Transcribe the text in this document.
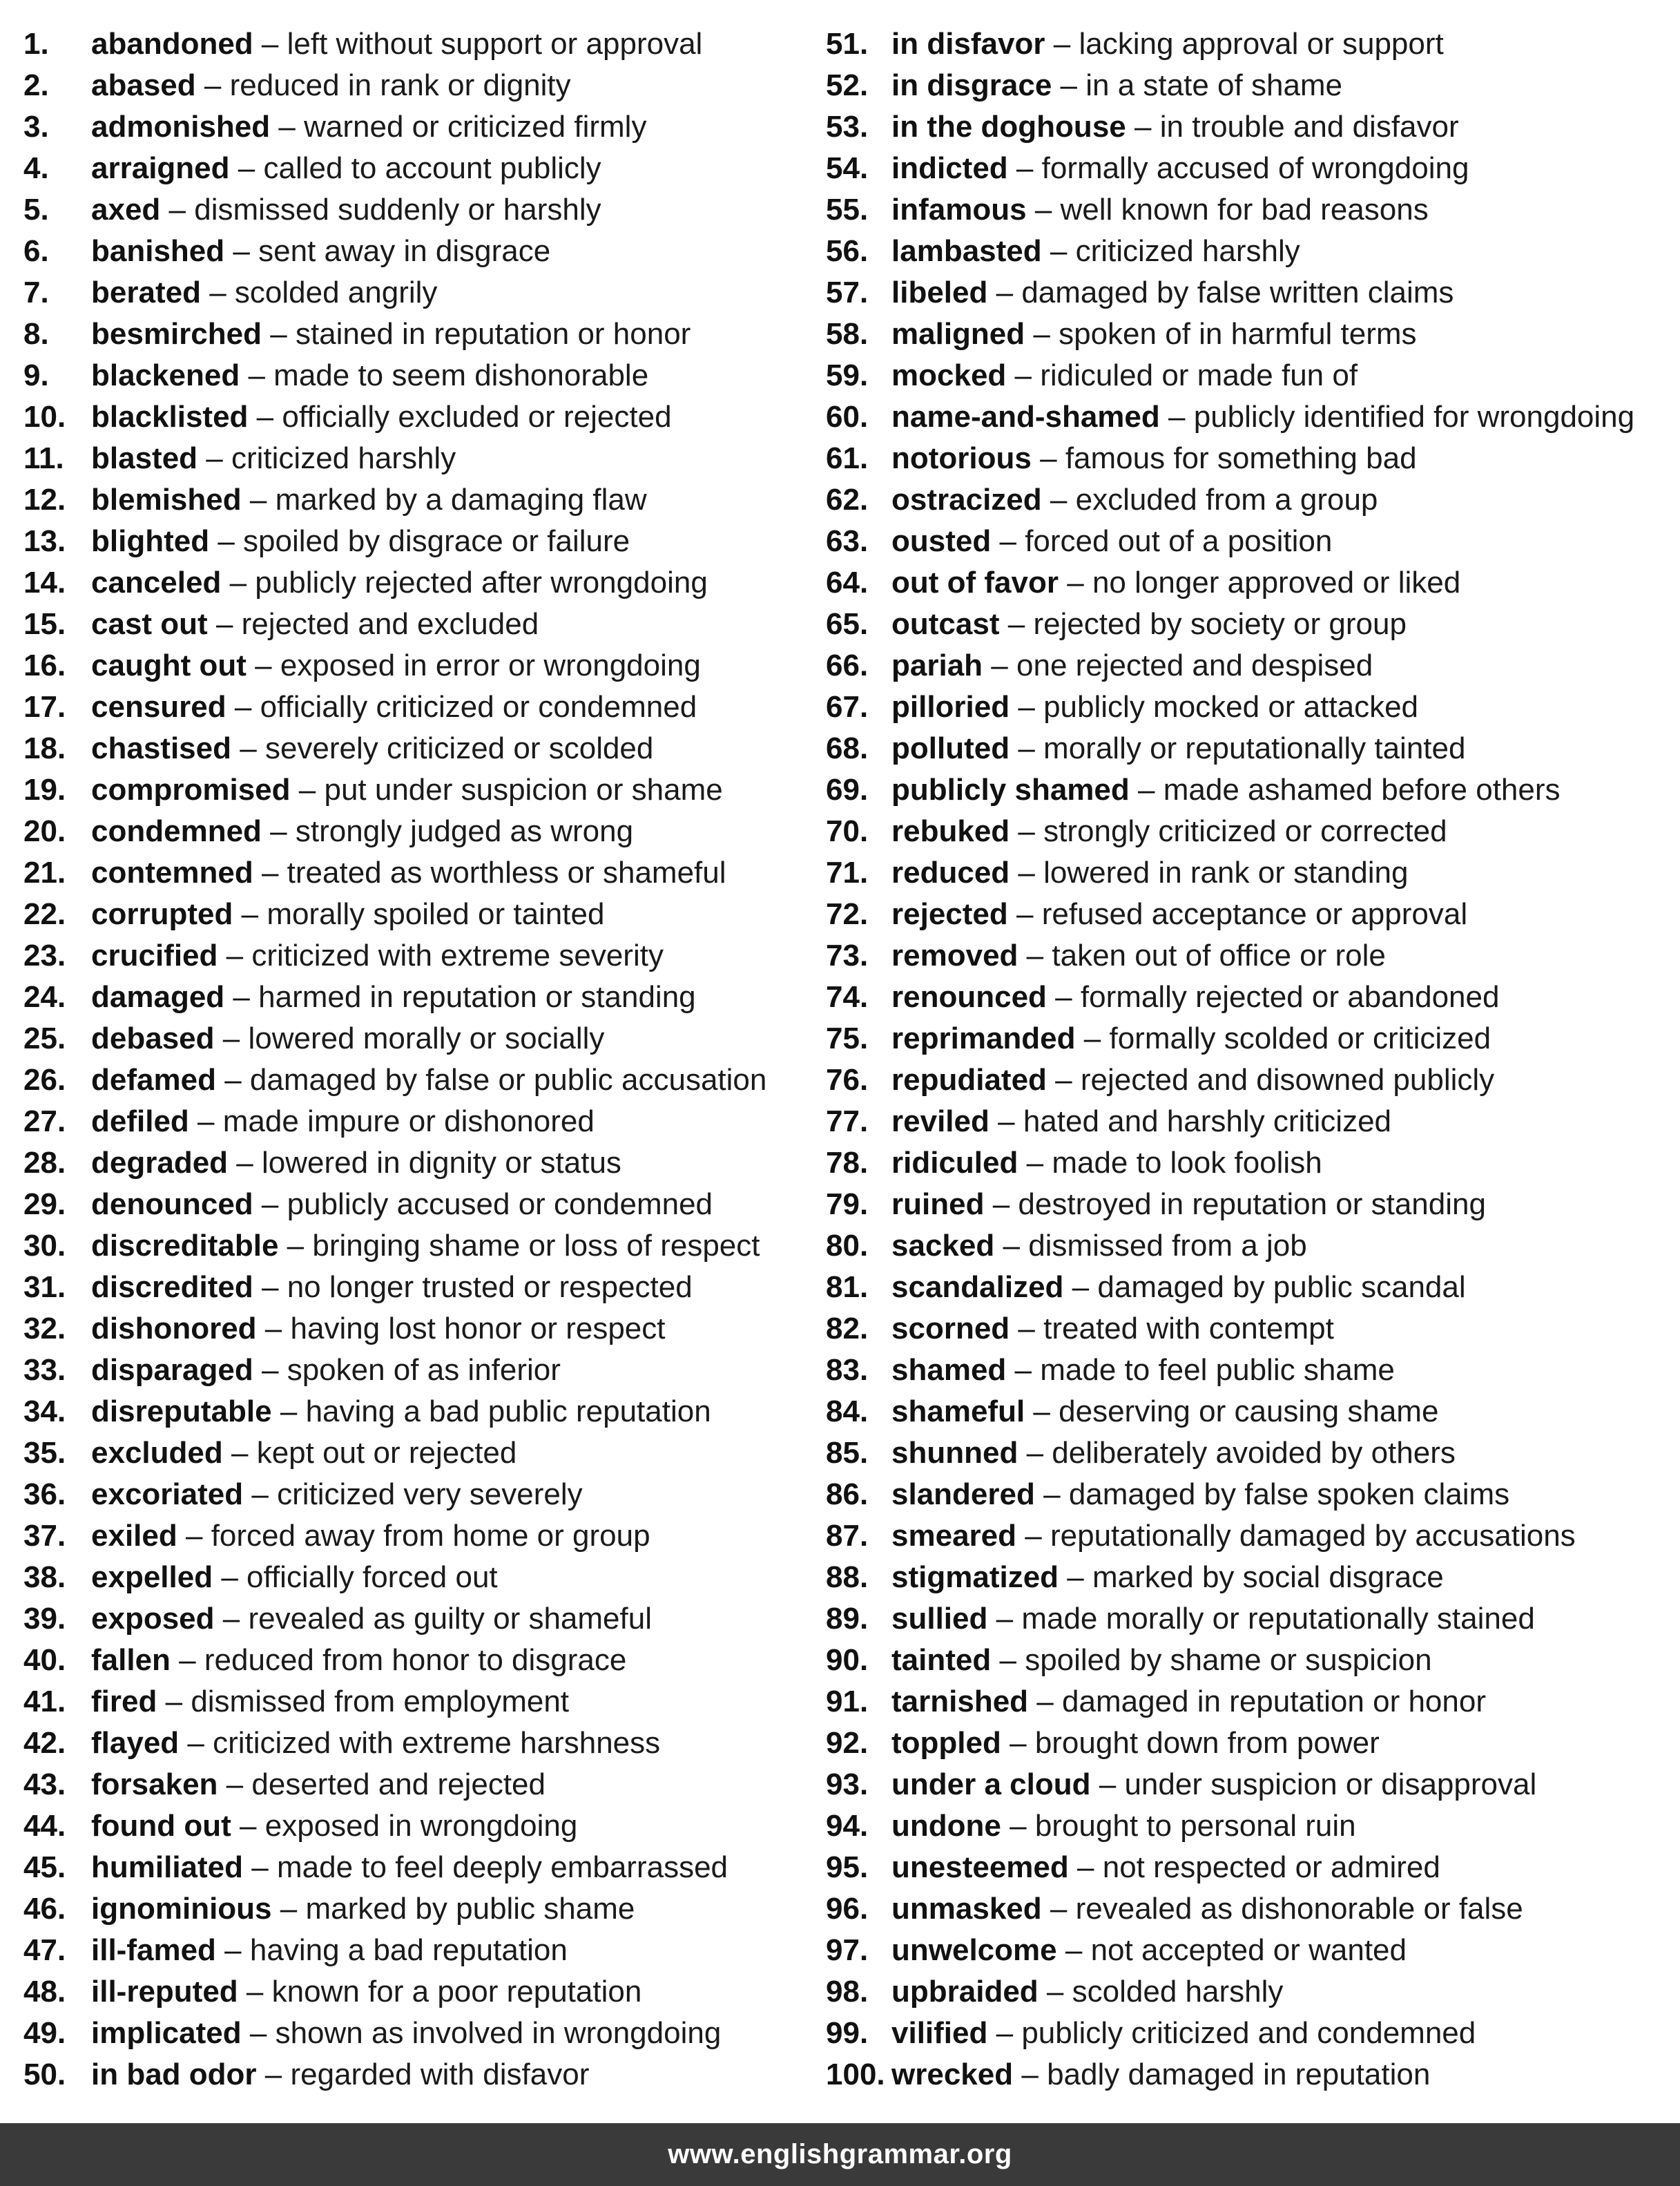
1.	abandoned – left without support or approval
2.	abased – reduced in rank or dignity
3.	admonished – warned or criticized firmly
4.	arraigned – called to account publicly
5.	axed – dismissed suddenly or harshly
6.	banished – sent away in disgrace
7.	berated – scolded angrily
8.	besmirched – stained in reputation or honor
9.	blackened – made to seem dishonorable
10. blacklisted – officially excluded or rejected
11. blasted – criticized harshly
12. blemished – marked by a damaging flaw
13. blighted – spoiled by disgrace or failure
14. canceled – publicly rejected after wrongdoing
15. cast out – rejected and excluded
16. caught out – exposed in error or wrongdoing
17. censured – officially criticized or condemned
18. chastised – severely criticized or scolded
19. compromised – put under suspicion or shame
20. condemned – strongly judged as wrong
21. contemned – treated as worthless or shameful
22. corrupted – morally spoiled or tainted
23. crucified – criticized with extreme severity
24. damaged – harmed in reputation or standing
25. debased – lowered morally or socially
26. defamed – damaged by false or public accusation
27. defiled – made impure or dishonored
28. degraded – lowered in dignity or status
29. denounced – publicly accused or condemned
30. discreditable – bringing shame or loss of respect
31. discredited – no longer trusted or respected
32. dishonored – having lost honor or respect
33. disparaged – spoken of as inferior
34. disreputable – having a bad public reputation
35. excluded – kept out or rejected
36. excoriated – criticized very severely
37. exiled – forced away from home or group
38. expelled – officially forced out
39. exposed – revealed as guilty or shameful
40. fallen – reduced from honor to disgrace
41. fired – dismissed from employment
42. flayed – criticized with extreme harshness
43. forsaken – deserted and rejected
44. found out – exposed in wrongdoing
45. humiliated – made to feel deeply embarrassed
46. ignominious – marked by public shame
47. ill-famed – having a bad reputation
48. ill-reputed – known for a poor reputation
49. implicated – shown as involved in wrongdoing
50. in bad odor – regarded with disfavor
51. in disfavor – lacking approval or support
52. in disgrace – in a state of shame
53. in the doghouse – in trouble and disfavor
54. indicted – formally accused of wrongdoing
55. infamous – well known for bad reasons
56. lambasted – criticized harshly
57. libeled – damaged by false written claims
58. maligned – spoken of in harmful terms
59. mocked – ridiculed or made fun of
60. name-and-shamed – publicly identified for wrongdoing
61. notorious – famous for something bad
62. ostracized – excluded from a group
63. ousted – forced out of a position
64. out of favor – no longer approved or liked
65. outcast – rejected by society or group
66. pariah – one rejected and despised
67. pilloried – publicly mocked or attacked
68. polluted – morally or reputationally tainted
69. publicly shamed – made ashamed before others
70. rebuked – strongly criticized or corrected
71. reduced – lowered in rank or standing
72. rejected – refused acceptance or approval
73. removed – taken out of office or role
74. renounced – formally rejected or abandoned
75. reprimanded – formally scolded or criticized
76. repudiated – rejected and disowned publicly
77. reviled – hated and harshly criticized
78. ridiculed – made to look foolish
79. ruined – destroyed in reputation or standing
80. sacked – dismissed from a job
81. scandalized – damaged by public scandal
82. scorned – treated with contempt
83. shamed – made to feel public shame
84. shameful – deserving or causing shame
85. shunned – deliberately avoided by others
86. slandered – damaged by false spoken claims
87. smeared – reputationally damaged by accusations
88. stigmatized – marked by social disgrace
89. sullied – made morally or reputationally stained
90. tainted – spoiled by shame or suspicion
91. tarnished – damaged in reputation or honor
92. toppled – brought down from power
93. under a cloud – under suspicion or disapproval
94. undone – brought to personal ruin
95. unesteemed – not respected or admired
96. unmasked – revealed as dishonorable or false
97. unwelcome – not accepted or wanted
98. upbraided – scolded harshly
99. vilified – publicly criticized and condemned
100. wrecked – badly damaged in reputation
www.englishgrammar.org
